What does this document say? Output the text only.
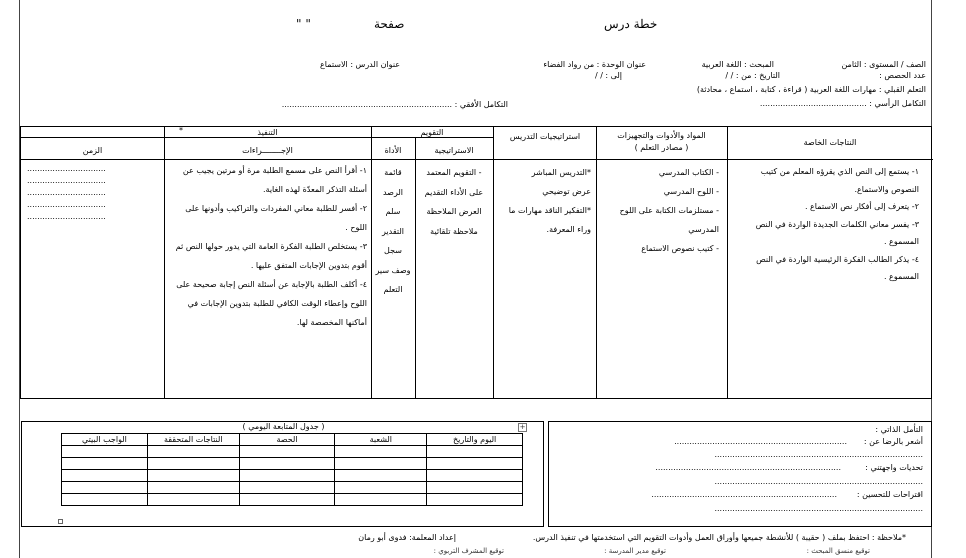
خطة درس
صفحة
" "
الصف / المستوى : الثامن
المبحث : اللغة العربية
عنوان الوحدة : من رواد الفضاء
عنوان الدرس : الاستماع
عدد الحصص :
التاريخ : من : / /
إلى : / /
التعلم القبلي : مهارات اللغة العربية ( قراءة ، كتابة ، استماع ، محادثة)
التكامل الرأسي : ..........................................
التكامل الأفقي : ...................................................................
النتاجات الخاصة
المواد والأدوات والتجهيزات
( مصادر التعلم )
استراتيجيات التدريس
التقويم
الاستراتيجية
الأداة
التنفيذ
*
الإجــــــــراءات
الزمن
١- يستمع إلى النص الذي يقرؤه المعلم من كتيب النصوص والاستماع.
٢- يتعرف إلى أفكار نص الاستماع .
٣- يفسر معاني الكلمات الجديدة الواردة في النص المسموع .
٤- يذكر الطالب الفكرة الرئيسية الواردة في النص المسموع .
- الكتاب المدرسي
- اللوح المدرسي
- مستلزمات الكتابة على اللوح المدرسي
- كتيب نصوص الاستماع
*التدريس المباشر
عرض توضيحي
*التفكير الناقد مهارات ما وراء المعرفة.
- التقويم المعتمد على الأداء التقديم العرض الملاحظة ملاحظة تلقائية
قائمة الرصد سلم التقدير سجل وصف سير التعلم
١- أقرأ النص على مسمع الطلبة مرة أو مرتين يجيب عن أسئلة التذكر المعدّة لهذه الغاية.
٢- أفسر للطلبة معاني المفردات والتراكيب وأدونها على اللوح .
٣- يستخلص الطلبة الفكرة العامة التي يدور حولها النص ثم أقوم بتدوين الإجابات المتفق عليها .
٤- أكلف الطلبة بالإجابة عن أسئلة النص إجابة صحيحة على اللوح وإعطاء الوقت الكافي للطلبة بتدوين الإجابات في أماكنها المخصصة لها.
...............................
...............................
...............................
...............................
...............................
التأمل الذاتي :
أشعر بالرضا عن :
....................................................................
..................................................................................
تحديات واجهتني :
.........................................................................
..................................................................................
اقتراحات للتحسين :
.........................................................................
..................................................................................
+
( جدول المتابعة اليومي )
اليوم والتاريخ	الشعبة	الحصة	النتاجات المتحققة	الواجب البيتي

*ملاحظة : احتفظ بملف ( حقيبة ) للأنشطة جميعها وأوراق العمل وأدوات التقويم التي استخدمتها في تنفيذ الدرس.
إعداد المعلمة: فدوى أبو رمان
توقيع منسق المبحث :
توقيع مدير المدرسة :
توقيع المشرف التربوي :
